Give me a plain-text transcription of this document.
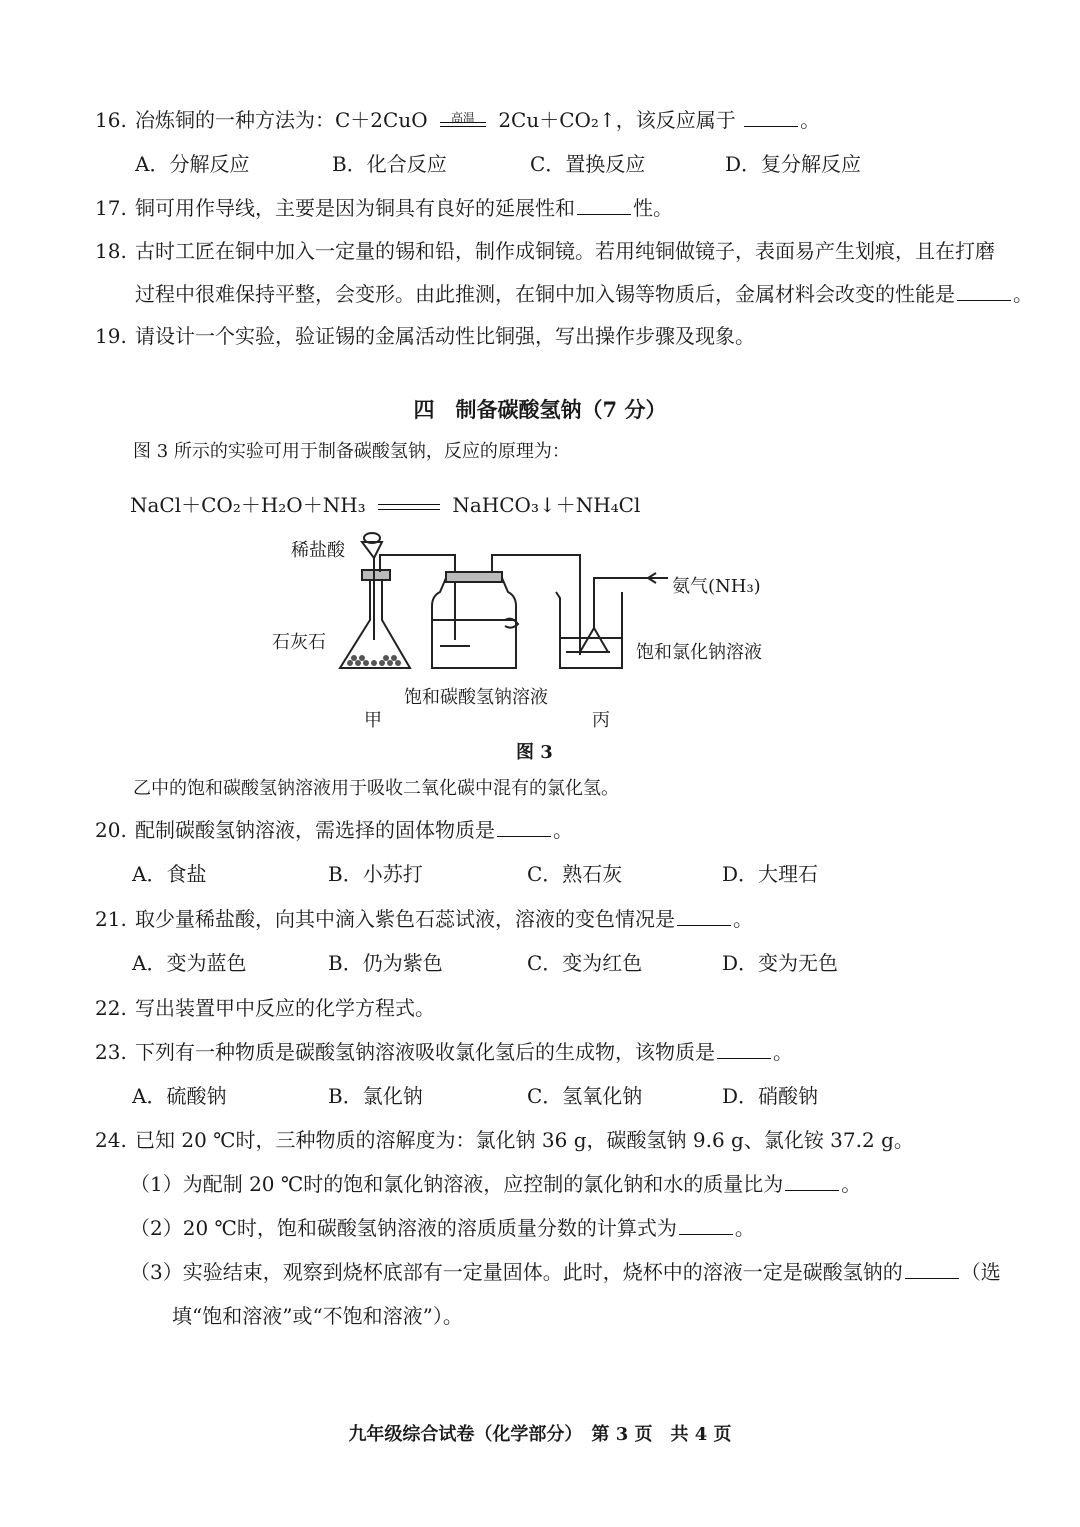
16. 冶炼铜的一种方法为：C＋2CuO	高温	2Cu＋CO₂↑，该反应属于	。
A．分解反应	B．化合反应	C．置换反应	D．复分解反应
17. 铜可用作导线，主要是因为铜具有良好的延展性和	性。
18. 古时工匠在铜中加入一定量的锡和铅，制作成铜镜。若用纯铜做镜子，表面易产生划痕，且在打磨
过程中很难保持平整，会变形。由此推测，在铜中加入锡等物质后，金属材料会改变的性能是	。
19. 请设计一个实验，验证锡的金属活动性比铜强，写出操作步骤及现象。
四　制备碳酸氢钠（7 分）
图 3 所示的实验可用于制备碳酸氢钠，反应的原理为：
NaCl＋CO₂＋H₂O＋NH₃	NaHCO₃↓＋NH₄Cl
稀盐酸
石灰石
饱和碳酸氢钠溶液
氨气(NH₃)
饱和氯化钠溶液
甲	丙
图 3
乙中的饱和碳酸氢钠溶液用于吸收二氧化碳中混有的氯化氢。
20. 配制碳酸氢钠溶液，需选择的固体物质是	。
A．食盐	B．小苏打	C．熟石灰	D．大理石
21. 取少量稀盐酸，向其中滴入紫色石蕊试液，溶液的变色情况是	。
A．变为蓝色	B．仍为紫色	C．变为红色	D．变为无色
22. 写出装置甲中反应的化学方程式。
23. 下列有一种物质是碳酸氢钠溶液吸收氯化氢后的生成物，该物质是	。
A．硫酸钠	B．氯化钠	C．氢氧化钠	D．硝酸钠
24. 已知 20 ℃时，三种物质的溶解度为：氯化钠 36 g，碳酸氢钠 9.6 g、氯化铵 37.2 g。
（1）为配制 20 ℃时的饱和氯化钠溶液，应控制的氯化钠和水的质量比为	。
（2）20 ℃时，饱和碳酸氢钠溶液的溶质质量分数的计算式为	。
（3）实验结束，观察到烧杯底部有一定量固体。此时，烧杯中的溶液一定是碳酸氢钠的	（选
填“饱和溶液”或“不饱和溶液”）。
九年级综合试卷（化学部分）　第 3 页　共 4 页
